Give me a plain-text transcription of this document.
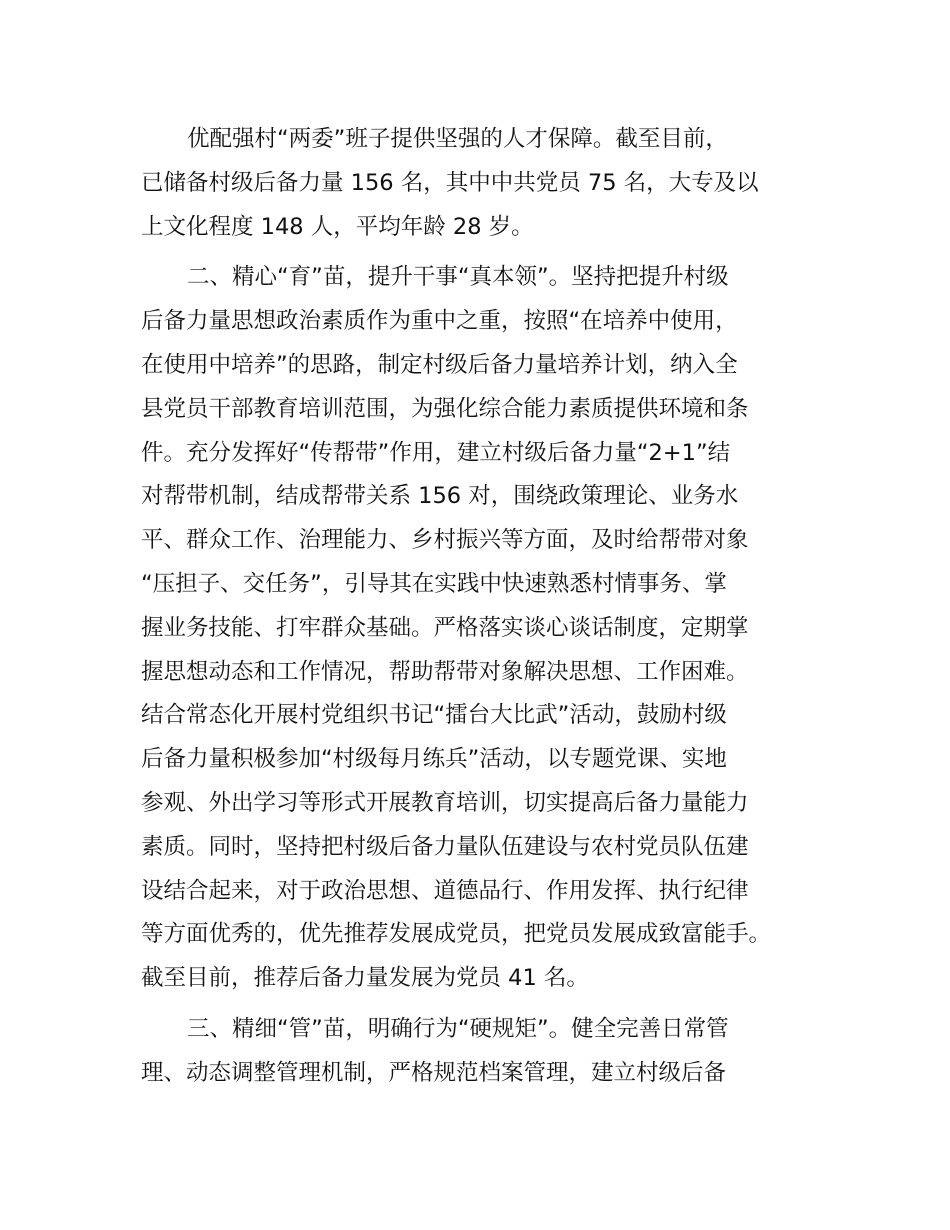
优配强村“两委”班子提供坚强的人才保障。截至目前，
已储备村级后备力量 156 名，其中中共党员 75 名，大专及以
上文化程度 148 人，平均年龄 28 岁。

二、精心“育”苗，提升干事“真本领”。坚持把提升村级
后备力量思想政治素质作为重中之重，按照“在培养中使用，
在使用中培养”的思路，制定村级后备力量培养计划，纳入全
县党员干部教育培训范围，为强化综合能力素质提供环境和条
件。充分发挥好“传帮带”作用，建立村级后备力量“2+1”结
对帮带机制，结成帮带关系 156 对，围绕政策理论、业务水
平、群众工作、治理能力、乡村振兴等方面，及时给帮带对象
“压担子、交任务”，引导其在实践中快速熟悉村情事务、掌
握业务技能、打牢群众基础。严格落实谈心谈话制度，定期掌
握思想动态和工作情况，帮助帮带对象解决思想、工作困难。
结合常态化开展村党组织书记“擂台大比武”活动，鼓励村级
后备力量积极参加“村级每月练兵”活动，以专题党课、实地
参观、外出学习等形式开展教育培训，切实提高后备力量能力
素质。同时，坚持把村级后备力量队伍建设与农村党员队伍建
设结合起来，对于政治思想、道德品行、作用发挥、执行纪律
等方面优秀的，优先推荐发展成党员，把党员发展成致富能手。
截至目前，推荐后备力量发展为党员 41 名。

三、精细“管”苗，明确行为“硬规矩”。健全完善日常管
理、动态调整管理机制，严格规范档案管理，建立村级后备
